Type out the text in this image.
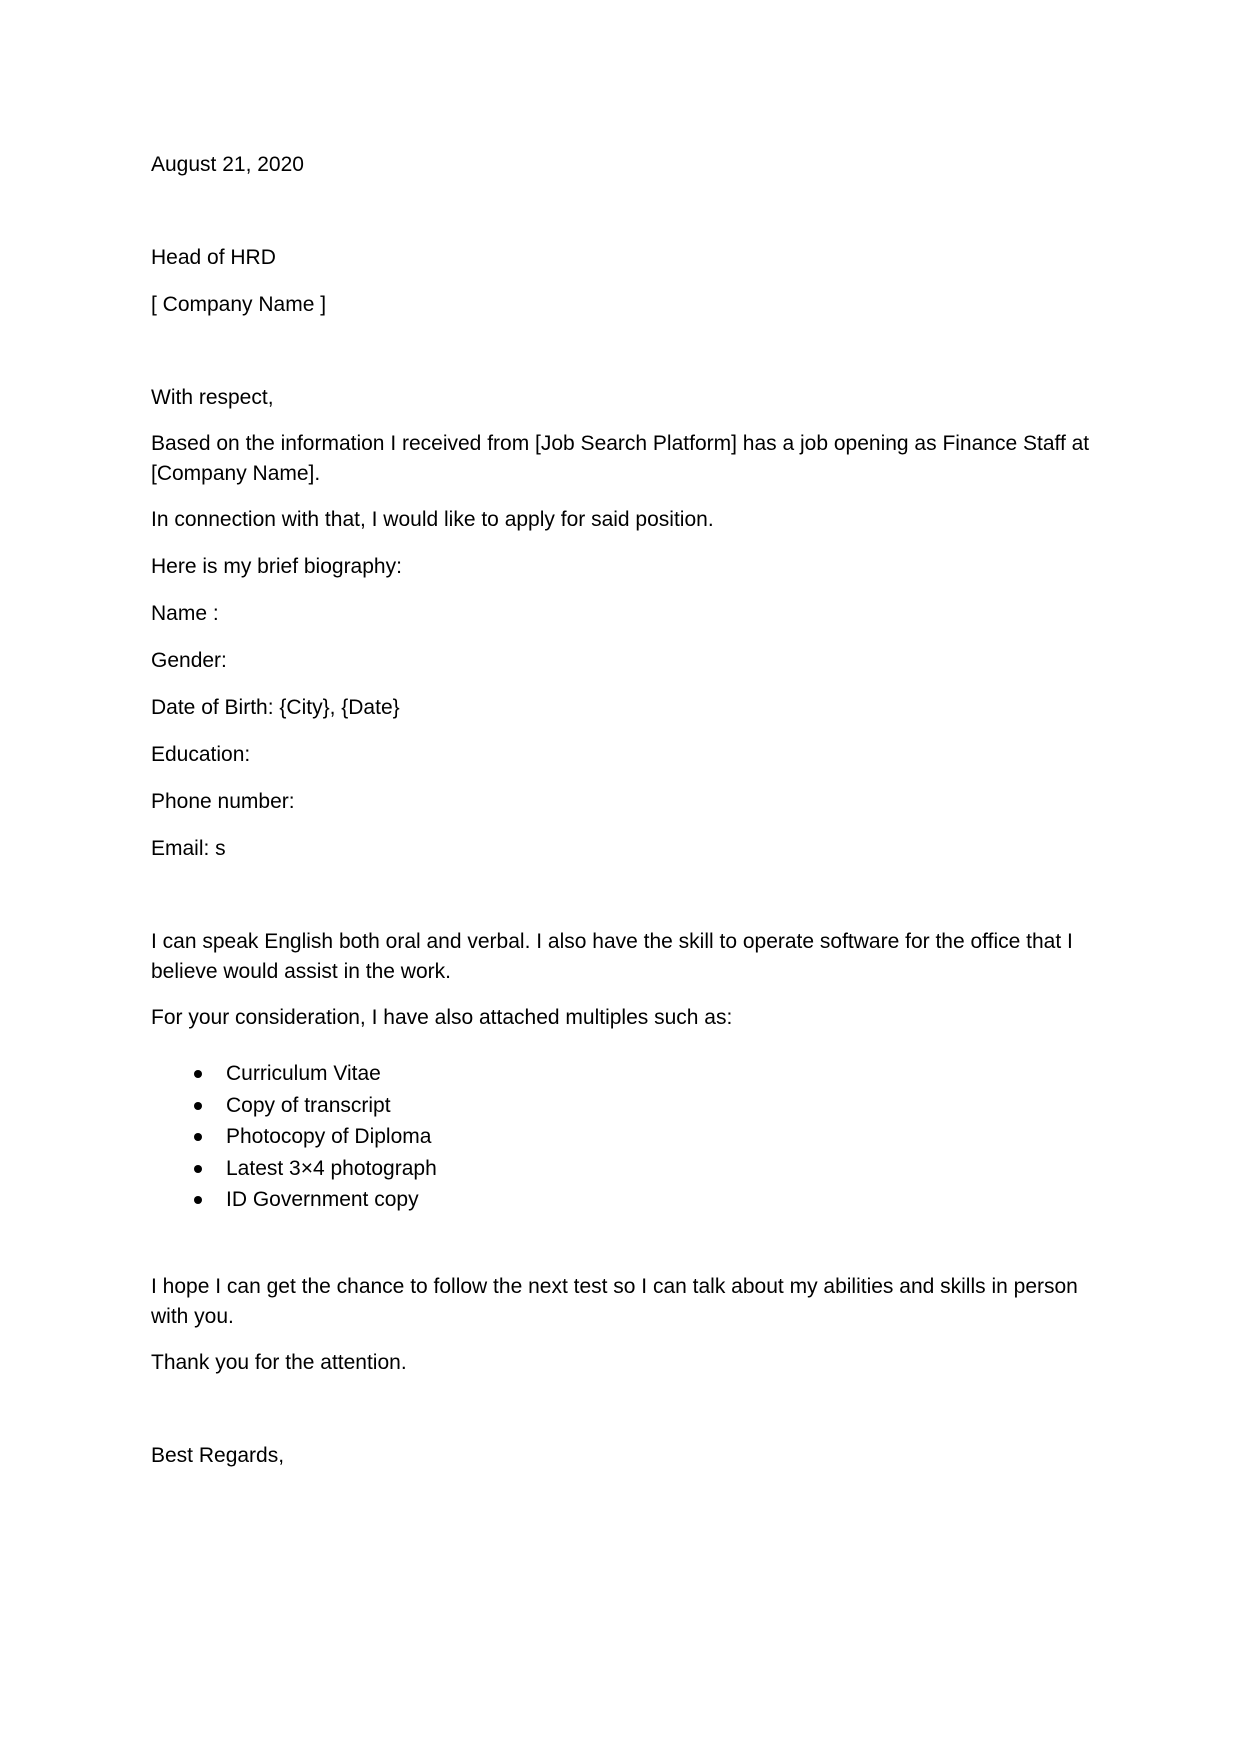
August 21, 2020

Head of HRD

[ Company Name ]

With respect,

Based on the information I received from [Job Search Platform] has a job opening as Finance Staff at [Company Name].

In connection with that, I would like to apply for said position.

Here is my brief biography:

Name :

Gender:

Date of Birth: {City}, {Date}

Education:

Phone number:

Email: s

I can speak English both oral and verbal. I also have the skill to operate software for the office that I believe would assist in the work.

For your consideration, I have also attached multiples such as:

Curriculum Vitae
Copy of transcript
Photocopy of Diploma
Latest 3×4 photograph
ID Government copy

I hope I can get the chance to follow the next test so I can talk about my abilities and skills in person with you.

Thank you for the attention.

Best Regards,
